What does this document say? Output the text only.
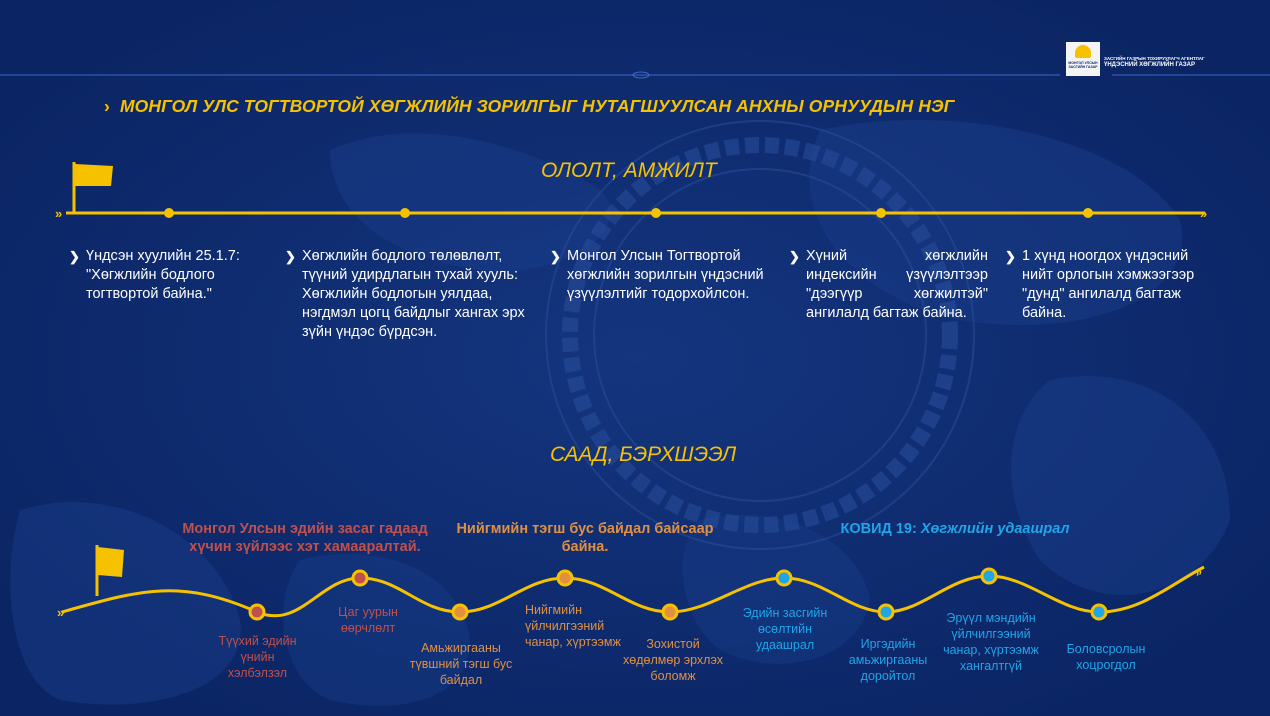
МОНГОЛ УЛСЫН ЗАСГИЙН ГАЗАР
ЗАСГИЙН ГАЗРЫН ТОХИРУУЛАГЧ АГЕНТЛАГ
ҮНДЭСНИЙ ХӨГЖЛИЙН ГАЗАР
› МОНГОЛ УЛС ТОГТВОРТОЙ ХӨГЖЛИЙН ЗОРИЛГЫГ НУТАГШУУЛСАН АНХНЫ ОРНУУДЫН НЭГ
ОЛОЛТ, АМЖИЛТ
»	»
❯ Үндсэн хуулийн 25.1.7: "Хөгжлийн бодлого тогтвортой байна."
❯ Хөгжлийн бодлого төлөвлөлт, түүний удирдлагын тухай хууль: Хөгжлийн бодлогын уялдаа, нэгдмэл цогц байдлыг хангах эрх зүйн үндэс бүрдсэн.
❯ Монгол Улсын Тогтвортой хөгжлийн зорилгын үндэсний үзүүлэлтийг тодорхойлсон.
❯ Хүний хөгжлийн индексийн үзүүлэлтээр "дээгүүр хөгжилтэй" ангилалд багтаж байна.
❯ 1 хүнд ноогдох үндэсний нийт орлогын хэмжээгээр "дунд" ангилалд багтаж байна.
СААД, БЭРХШЭЭЛ
Монгол Улсын эдийн засаг гадаад хүчин зүйлээс хэт хамааралтай.
Нийгмийн тэгш бус байдал байсаар байна.
КОВИД 19: Хөгжлийн удаашрал
»
»
Түүхий эдийн үнийн хэлбэлзэл
Цаг уурын өөрчлөлт
Амьжиргааны түвшний тэгш бус байдал
Нийгмийн үйлчилгээний чанар, хүртээмж	Зохистой хөдөлмөр эрхлэх боломж
Эдийн засгийн өсөлтийн удаашрал	Иргэдийн амьжиргааны доройтол
Эрүүл мэндийн үйлчилгээний чанар, хүртээмж хангалтгүй
Боловсролын хоцрогдол
